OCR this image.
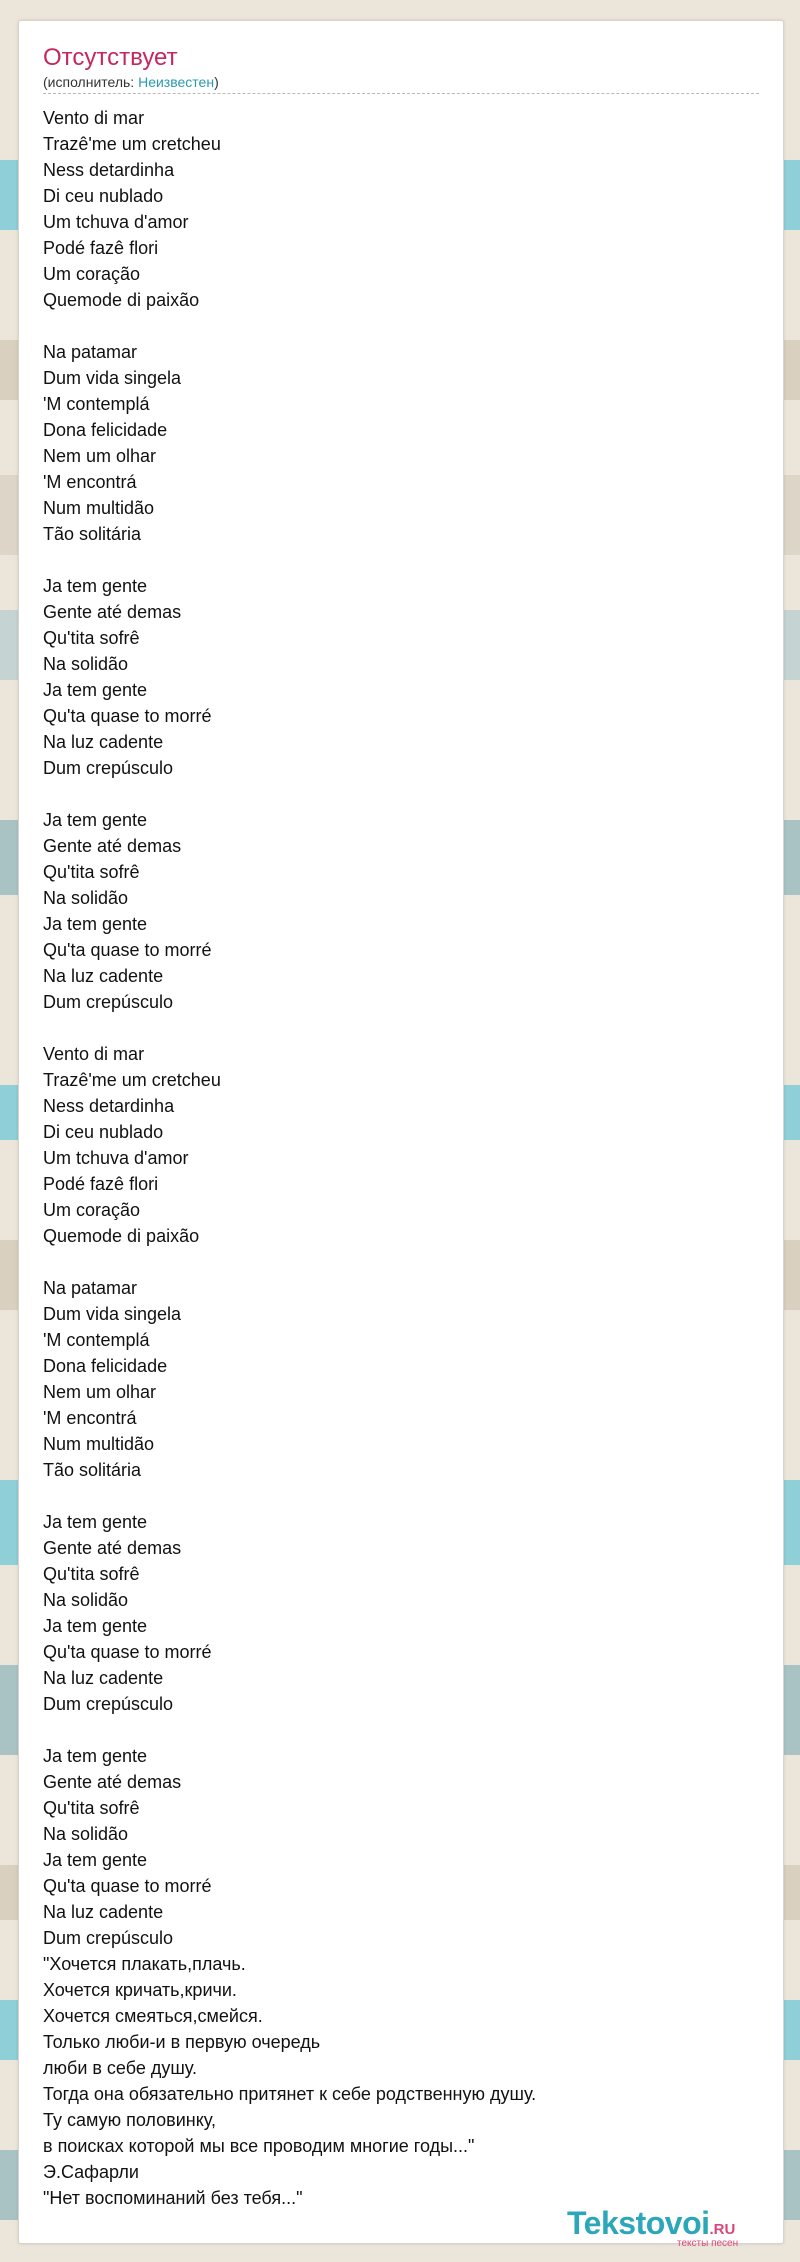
Отсутствует
(исполнитель: Неизвестен)
Vento di mar
Trazê'me um cretcheu
Ness detardinha
Di ceu nublado
Um tchuva d'amor
Podé fazê flori
Um coração
Quemode di paixão
Na patamar
Dum vida singela
'M contemplá
Dona felicidade
Nem um olhar
'M encontrá
Num multidão
Tão solitária
Ja tem gente
Gente até demas
Qu'tita sofrê
Na solidão
Ja tem gente
Qu'ta quase to morré
Na luz cadente
Dum crepúsculo
Ja tem gente
Gente até demas
Qu'tita sofrê
Na solidão
Ja tem gente
Qu'ta quase to morré
Na luz cadente
Dum crepúsculo
Vento di mar
Trazê'me um cretcheu
Ness detardinha
Di ceu nublado
Um tchuva d'amor
Podé fazê flori
Um coração
Quemode di paixão
Na patamar
Dum vida singela
'M contemplá
Dona felicidade
Nem um olhar
'M encontrá
Num multidão
Tão solitária
Ja tem gente
Gente até demas
Qu'tita sofrê
Na solidão
Ja tem gente
Qu'ta quase to morré
Na luz cadente
Dum crepúsculo
Ja tem gente
Gente até demas
Qu'tita sofrê
Na solidão
Ja tem gente
Qu'ta quase to morré
Na luz cadente
Dum crepúsculo
"Хочется плакать,плачь.
Хочется кричать,кричи.
Хочется смеяться,смейся.
Только люби-и в первую очередь
люби в себе душу.
Тогда она обязательно притянет к себе родственную душу.
Ту самую половинку,
в поисках которой мы все проводим многие годы..."
Э.Сафарли
"Нет воспоминаний без тебя..."
Tekstovoi.RU
тексты песен
